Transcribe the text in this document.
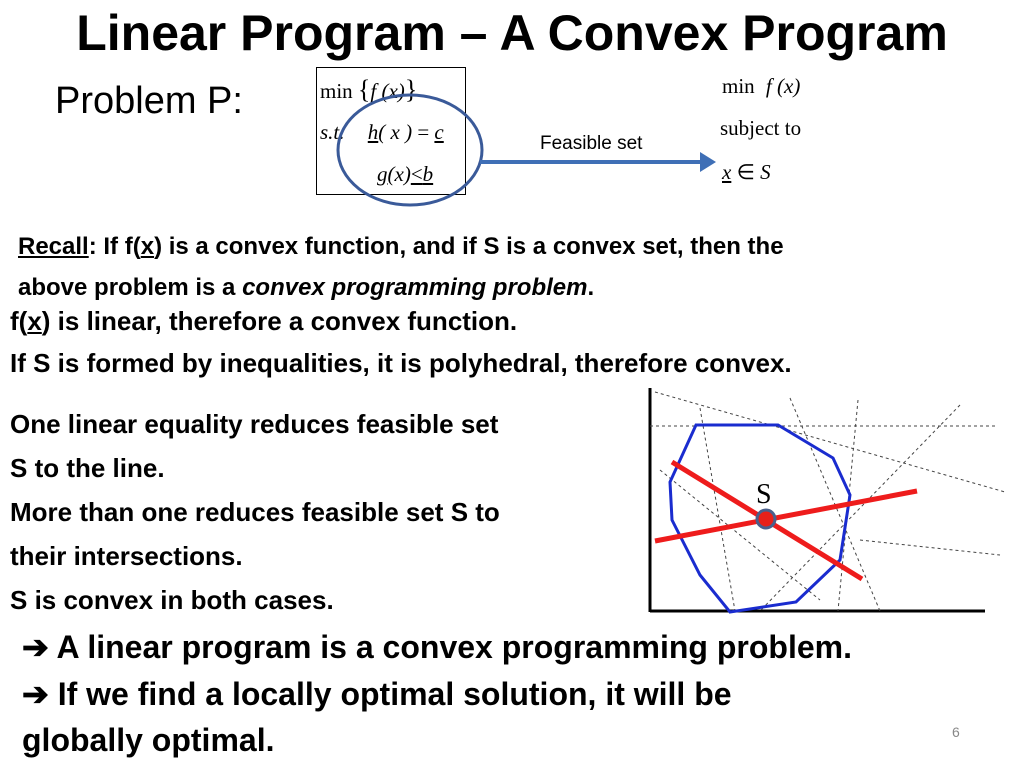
Linear Program – A Convex Program
Problem P:	min {f (x)}
s.t. h( x ) = c
g(x)<b
Feasible set
min f (x)
subject to
x ∈ S
S
Recall: If f(x) is a convex function, and if S is a convex set, then the
above problem is a convex programming problem.
f(x) is linear, therefore a convex function.
If S is formed by inequalities, it is polyhedral, therefore convex.
One linear equality reduces feasible set
S to the line.
More than one reduces feasible set S to
their intersections.
S is convex in both cases.
➔ A linear program is a convex programming problem.
➔ If we find a locally optimal solution, it will be
globally optimal.	6
